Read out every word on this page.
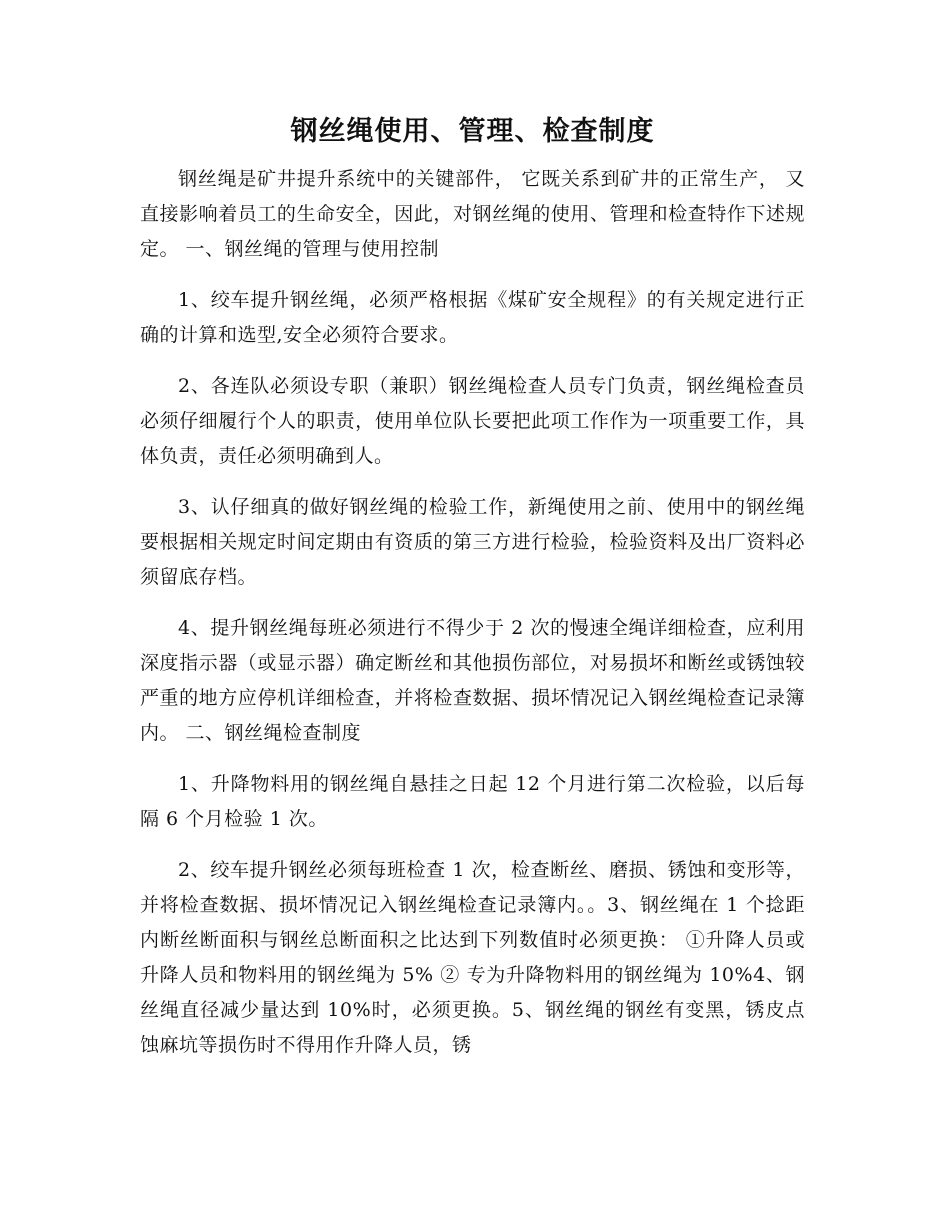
钢丝绳使用、管理、检查制度

钢丝绳是矿井提升系统中的关键部件， 它既关系到矿井的正常生产， 又直接影响着员工的生命安全，因此，对钢丝绳的使用、管理和检查特作下述规定。 一、钢丝绳的管理与使用控制

1、绞车提升钢丝绳，必须严格根据《煤矿安全规程》的有关规定进行正确的计算和选型,安全必须符合要求。

2、各连队必须设专职（兼职）钢丝绳检查人员专门负责，钢丝绳检查员必须仔细履行个人的职责，使用单位队长要把此项工作作为一项重要工作，具体负责，责任必须明确到人。

3、认仔细真的做好钢丝绳的检验工作，新绳使用之前、使用中的钢丝绳要根据相关规定时间定期由有资质的第三方进行检验，检验资料及出厂资料必须留底存档。

4、提升钢丝绳每班必须进行不得少于 2 次的慢速全绳详细检查，应利用深度指示器（或显示器）确定断丝和其他损伤部位，对易损坏和断丝或锈蚀较严重的地方应停机详细检查，并将检查数据、损坏情况记入钢丝绳检查记录簿内。 二、钢丝绳检查制度

1、升降物料用的钢丝绳自悬挂之日起 12 个月进行第二次检验，以后每隔 6 个月检验 1 次。

2、绞车提升钢丝必须每班检查 1 次，检查断丝、磨损、锈蚀和变形等，并将检查数据、损坏情况记入钢丝绳检查记录簿内。。3、钢丝绳在 1 个捻距内断丝断面积与钢丝总断面积之比达到下列数值时必须更换： ①升降人员或升降人员和物料用的钢丝绳为 5% ② 专为升降物料用的钢丝绳为 10%4、钢丝绳直径减少量达到 10%时，必须更换。5、钢丝绳的钢丝有变黑，锈皮点蚀麻坑等损伤时不得用作升降人员，锈
